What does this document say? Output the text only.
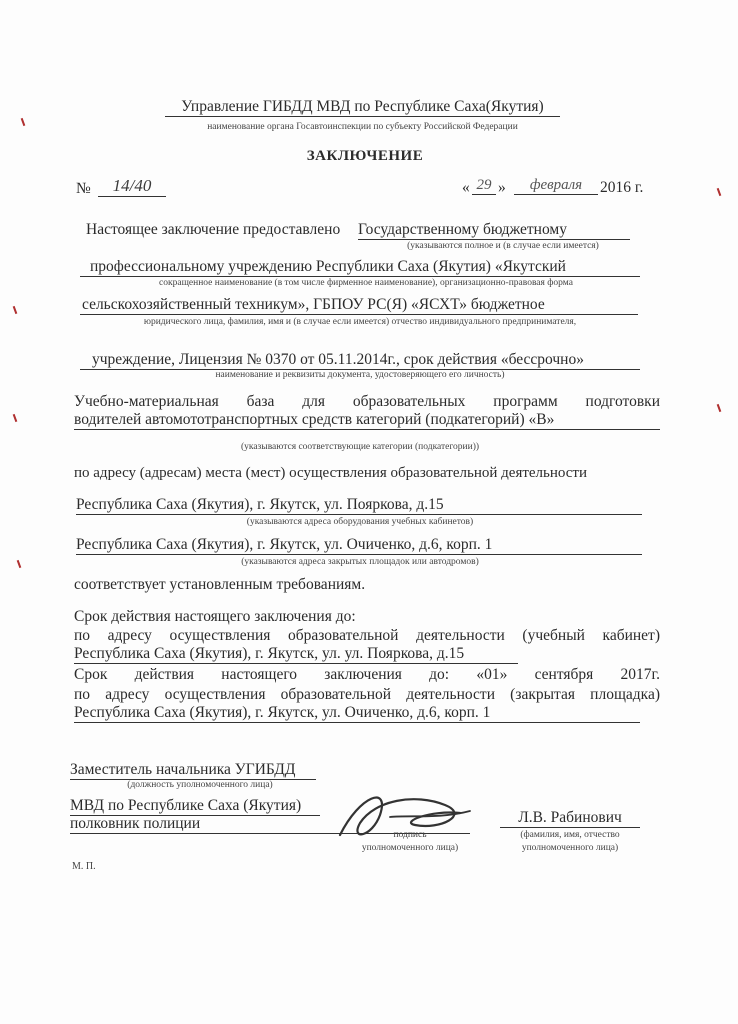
Управление ГИБДД МВД по Республике Саха(Якутия)
наименование органа Госавтоинспекции по субъекту Российской Федерации
ЗАКЛЮЧЕНИЕ
№	14/40	« 29 »	февраля	2016 г.
Настоящее заключение предоставлено Государственному бюджетному
(указываются полное и (в случае если имеется)
профессиональному учреждению Республики Саха (Якутия) «Якутский
сокращенное наименование (в том числе фирменное наименование), организационно-правовая форма
сельскохозяйственный техникум», ГБПОУ РС(Я) «ЯСХТ» бюджетное
юридического лица, фамилия, имя и (в случае если имеется) отчество индивидуального предпринимателя,
учреждение, Лицензия № 0370 от 05.11.2014г., срок действия «бессрочно»
наименование и реквизиты документа, удостоверяющего его личность)
Учебно-материальная база для образовательных программ подготовки
водителей автомототранспортных средств категорий (подкатегорий) «В»
(указываются соответствующие категории (подкатегории))
по адресу (адресам) места (мест) осуществления образовательной деятельности
Республика Саха (Якутия), г. Якутск, ул. Пояркова, д.15
(указываются адреса оборудования учебных кабинетов)
Республика Саха (Якутия), г. Якутск, ул. Очиченко, д.6, корп. 1
(указываются адреса закрытых площадок или автодромов)
соответствует установленным требованиям.
Срок действия настоящего заключения до:
по адресу осуществления образовательной деятельности (учебный кабинет)
Республика Саха (Якутия), г. Якутск, ул. ул. Пояркова, д.15
Срок действия настоящего заключения до: «01» сентября 2017г.
по адресу осуществления образовательной деятельности (закрытая площадка)
Республика Саха (Якутия), г. Якутск, ул. Очиченко, д.6, корп. 1
Заместитель начальника УГИБДД
(должность уполномоченного лица)
МВД по Республике Саха (Якутия)
полковник полиции
подпись
уполномоченного лица)
Л.В. Рабинович
(фамилия, имя, отчество
уполномоченного лица)
М. П.
